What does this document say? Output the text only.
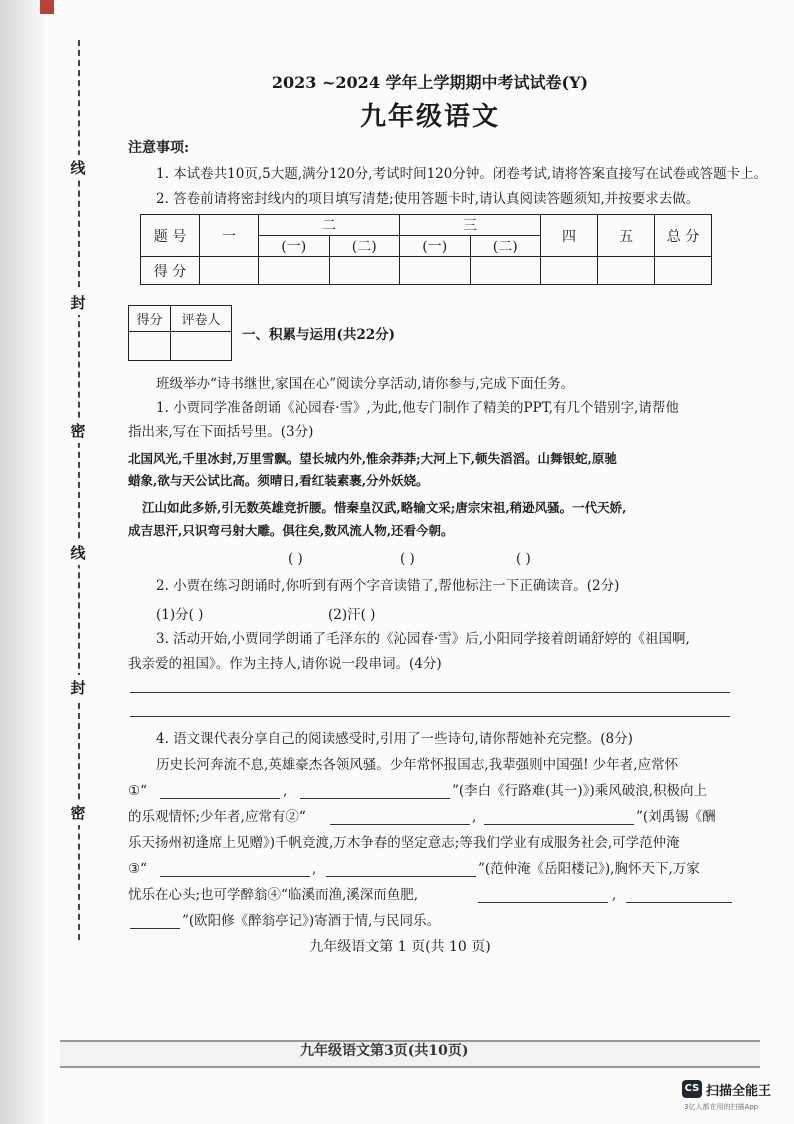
线
封
密
线
封
密
2023 ~2024 学年上学期期中考试试卷(Y)
九年级语文
注意事项:
1. 本试卷共10页,5大题,满分120分,考试时间120分钟。闭卷考试,请将答案直接写在试卷或答题卡上。
2. 答卷前请将密封线内的项目填写清楚;使用答题卡时,请认真阅读答题须知,并按要求去做。
题 号	一	二		三		四	五	总 分
		(一)	(二)	(一)	(二)			
得 分								
得分	评卷人

一、积累与运用(共22分)
班级举办“诗书继世,家国在心”阅读分享活动,请你参与,完成下面任务。
1. 小贾同学准备朗诵《沁园春·雪》,为此,他专门制作了精美的PPT,有几个错别字,请帮他
指出来,写在下面括号里。(3分)
北国风光,千里冰封,万里雪飘。望长城内外,惟余莽莽;大河上下,顿失滔滔。山舞银蛇,原驰
蜡象,欲与天公试比高。须晴日,看红装素裹,分外妖娆。
江山如此多娇,引无数英雄竞折腰。惜秦皇汉武,略输文采;唐宗宋祖,稍逊风骚。一代天娇,
成吉思汗,只识弯弓射大雕。俱往矣,数风流人物,还看今朝。
( )	( )	( )
2. 小贾在练习朗诵时,你听到有两个字音读错了,帮他标注一下正确读音。(2分)
(1)分( )	(2)汗( )
3. 活动开始,小贾同学朗诵了毛泽东的《沁园春·雪》后,小阳同学接着朗诵舒婷的《祖国啊,
我亲爱的祖国》。作为主持人,请你说一段串词。(4分)
4. 语文课代表分享自己的阅读感受时,引用了一些诗句,请你帮她补充完整。(8分)
历史长河奔流不息,英雄豪杰各领风骚。少年常怀报国志,我辈强则中国强! 少年者,应常怀
①“	,	”(李白《行路难(其一)》)乘风破浪,积极向上
的乐观情怀;少年者,应常有②“	,	”(刘禹锡《酬
乐天扬州初逢席上见赠》)千帆竞渡,万木争春的坚定意志;等我们学业有成服务社会,可学范仲淹
③“	,	”(范仲淹《岳阳楼记》),胸怀天下,万家
忧乐在心头;也可学醉翁④“临溪而渔,溪深而鱼肥,	,
”(欧阳修《醉翁亭记》)寄酒于情,与民同乐。
九年级语文第 1 页(共 10 页)
九年级语文第3页(共10页)
CS 扫描全能王
3亿人都在用的扫描App
